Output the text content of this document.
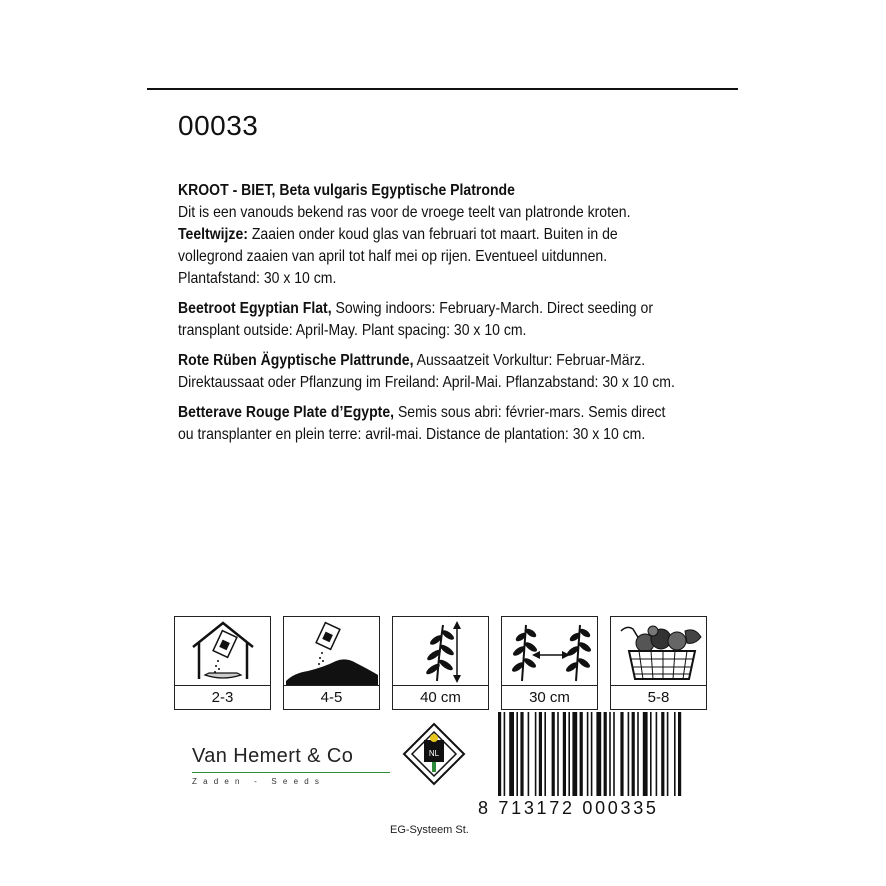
00033

KROOT - BIET, Beta vulgaris Egyptische Platronde
Dit is een vanouds bekend ras voor de vroege teelt van platronde kroten.
Teeltwijze: Zaaien onder koud glas van februari tot maart. Buiten in de vollegrond zaaien van april tot half mei op rijen. Eventueel uitdunnen.
Plantafstand: 30 x 10 cm.

Beetroot Egyptian Flat, Sowing indoors: February-March. Direct seeding or transplant outside: April-May. Plant spacing: 30 x 10 cm.

Rote Rüben Ägyptische Plattrunde, Aussaatzeit Vorkultur: Februar-März. Direktaussaat oder Pflanzung im Freiland: April-Mai. Pflanzabstand: 30 x 10 cm.

Betterave Rouge Plate d’Egypte, Semis sous abri: février-mars. Semis direct ou transplanter en plein terre: avril-mai. Distance de plantation: 30 x 10 cm.

2-3	4-5	40 cm	30 cm	5-8
Van Hemert & Co
Zaden - Seeds
NL
8 713172 000335
EG-Systeem St.
